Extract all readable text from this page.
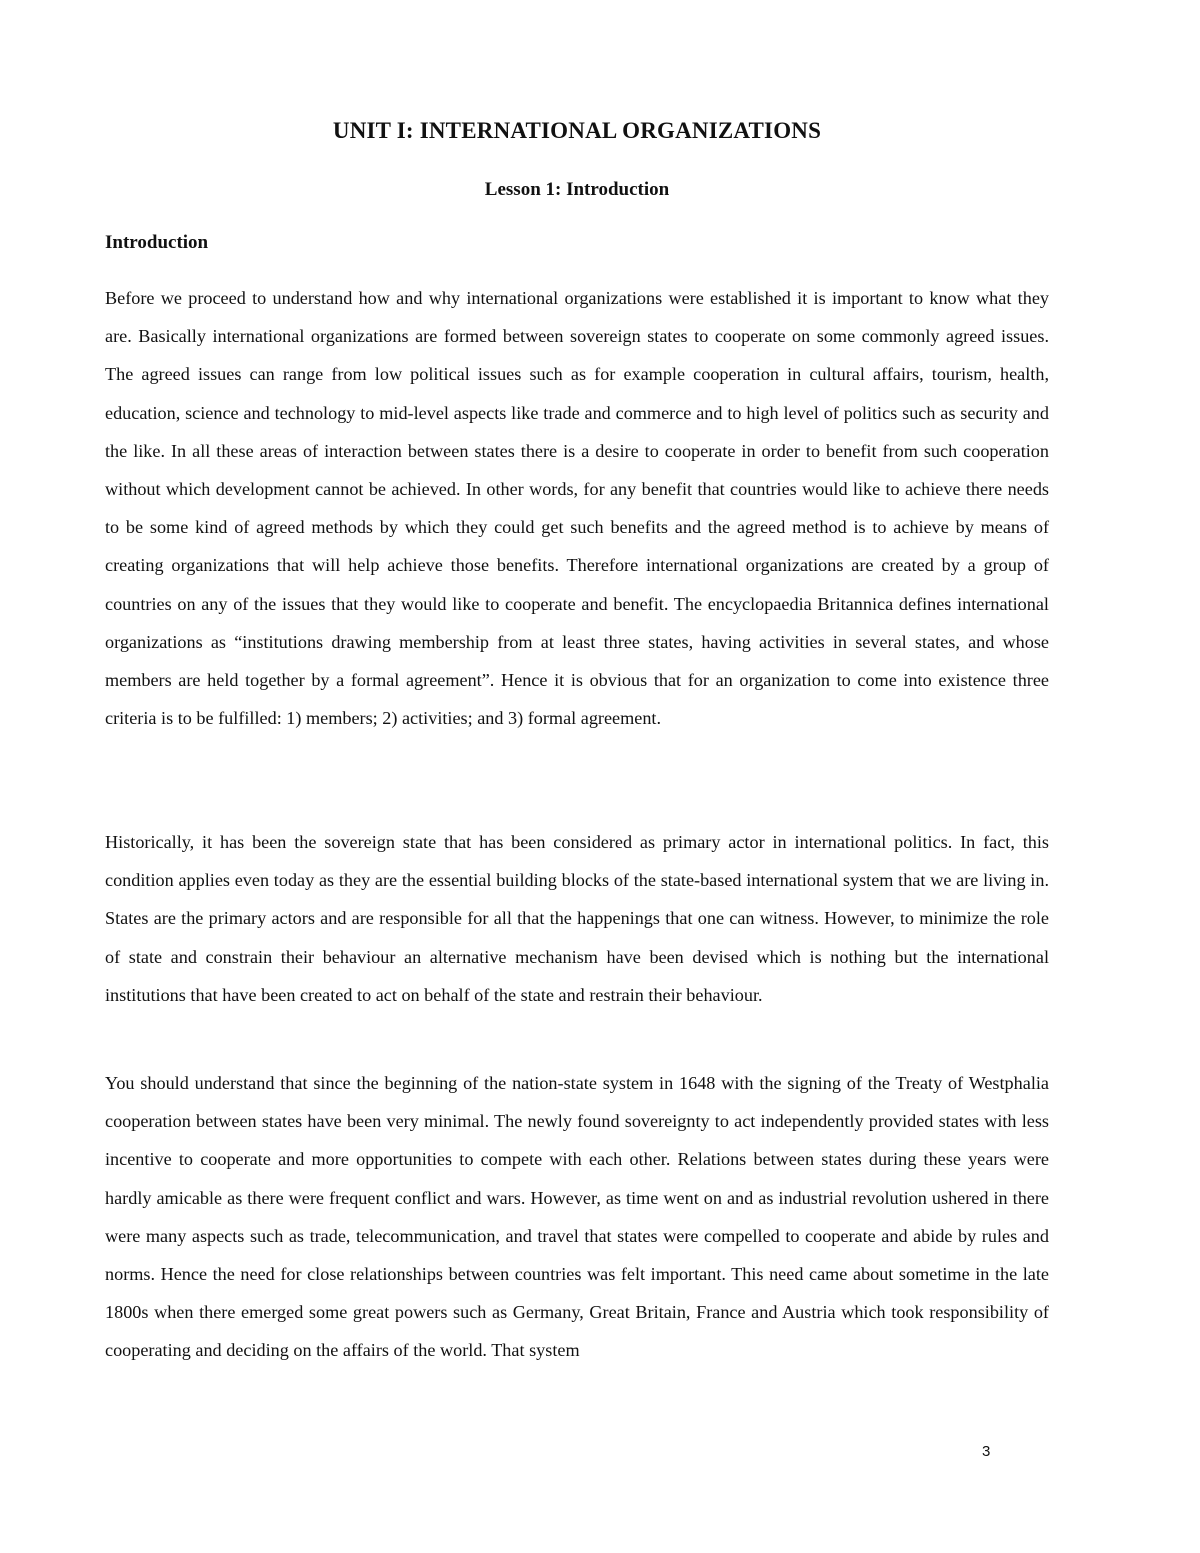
UNIT I: INTERNATIONAL ORGANIZATIONS
Lesson 1: Introduction
Introduction

Before we proceed to understand how and why international organizations were established it is important to know what they are. Basically international organizations are formed between sovereign states to cooperate on some commonly agreed issues. The agreed issues can range from low political issues such as for example cooperation in cultural affairs, tourism, health, education, science and technology to mid-level aspects like trade and commerce and to high level of politics such as security and the like. In all these areas of interaction between states there is a desire to cooperate in order to benefit from such cooperation without which development cannot be achieved. In other words, for any benefit that countries would like to achieve there needs to be some kind of agreed methods by which they could get such benefits and the agreed method is to achieve by means of creating organizations that will help achieve those benefits. Therefore international organizations are created by a group of countries on any of the issues that they would like to cooperate and benefit. The encyclopaedia Britannica defines international organizations as “institutions drawing membership from at least three states, having activities in several states, and whose members are held together by a formal agreement”. Hence it is obvious that for an organization to come into existence three criteria is to be fulfilled: 1) members; 2) activities; and 3) formal agreement.

Historically, it has been the sovereign state that has been considered as primary actor in international politics. In fact, this condition applies even today as they are the essential building blocks of the state-based international system that we are living in. States are the primary actors and are responsible for all that the happenings that one can witness. However, to minimize the role of state and constrain their behaviour an alternative mechanism have been devised which is nothing but the international institutions that have been created to act on behalf of the state and restrain their behaviour.

You should understand that since the beginning of the nation-state system in 1648 with the signing of the Treaty of Westphalia cooperation between states have been very minimal. The newly found sovereignty to act independently provided states with less incentive to cooperate and more opportunities to compete with each other. Relations between states during these years were hardly amicable as there were frequent conflict and wars. However, as time went on and as industrial revolution ushered in there were many aspects such as trade, telecommunication, and travel that states were compelled to cooperate and abide by rules and norms. Hence the need for close relationships between countries was felt important. This need came about sometime in the late 1800s when there emerged some great powers such as Germany, Great Britain, France and Austria which took responsibility of cooperating and deciding on the affairs of the world. That system

3
